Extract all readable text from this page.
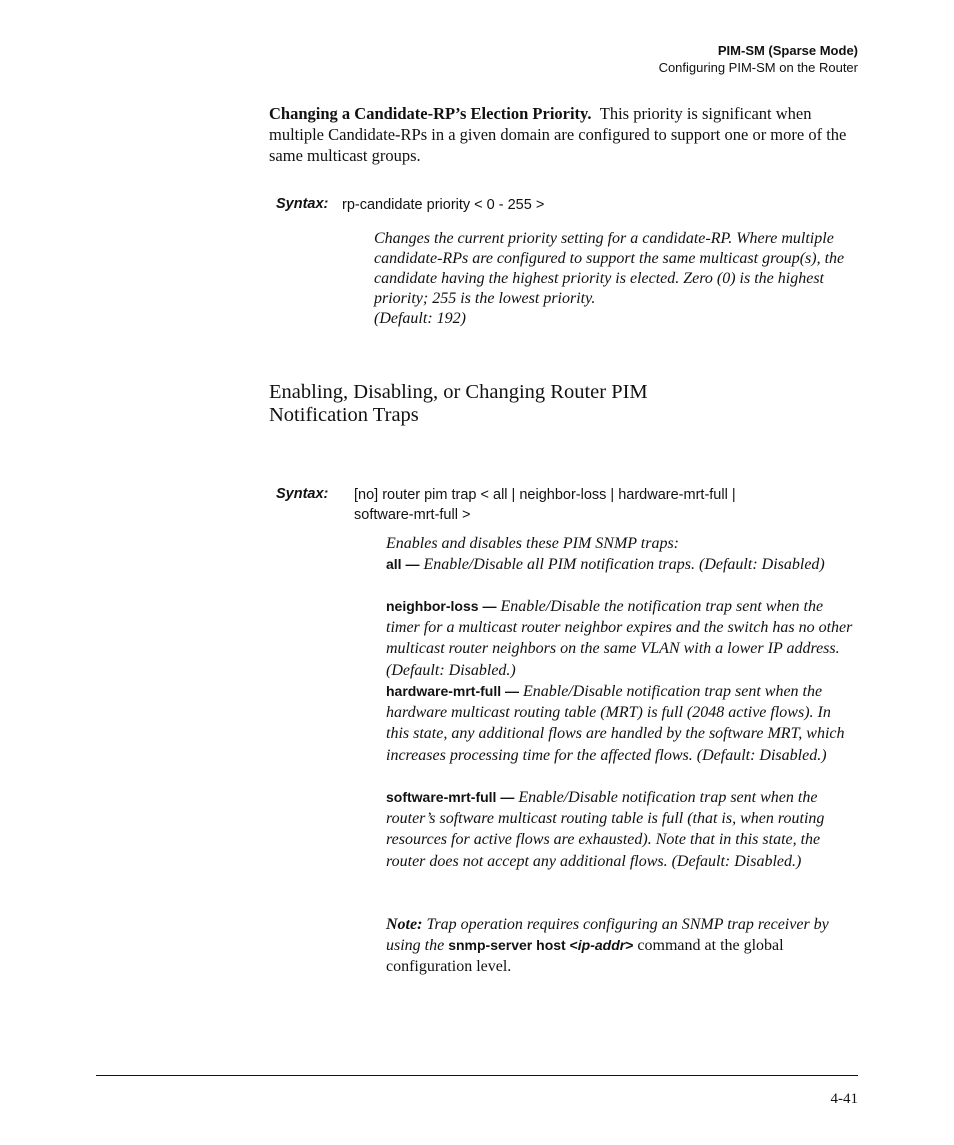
PIM-SM (Sparse Mode)
Configuring PIM-SM on the Router
Changing a Candidate-RP’s Election Priority. This priority is significant when multiple Candidate-RPs in a given domain are configured to support one or more of the same multicast groups.
Syntax: rp-candidate priority < 0 - 255 >
Changes the current priority setting for a candidate-RP. Where multiple candidate-RPs are configured to support the same multicast group(s), the candidate having the highest priority is elected. Zero (0) is the highest priority; 255 is the lowest priority.
(Default: 192)
Enabling, Disabling, or Changing Router PIM Notification Traps
Syntax: [no] router pim trap < all | neighbor-loss | hardware-mrt-full |
software-mrt-full >
Enables and disables these PIM SNMP traps:
all — Enable/Disable all PIM notification traps. (Default: Disabled)
neighbor-loss — Enable/Disable the notification trap sent when the timer for a multicast router neighbor expires and the switch has no other multicast router neighbors on the same VLAN with a lower IP address. (Default: Disabled.)
hardware-mrt-full — Enable/Disable notification trap sent when the hardware multicast routing table (MRT) is full (2048 active flows). In this state, any additional flows are handled by the software MRT, which increases processing time for the affected flows. (Default: Disabled.)
software-mrt-full — Enable/Disable notification trap sent when the router’s software multicast routing table is full (that is, when routing resources for active flows are exhausted). Note that in this state, the router does not accept any additional flows. (Default: Disabled.)
Note: Trap operation requires configuring an SNMP trap receiver by using the snmp-server host <ip-addr> command at the global configuration level.
4-41
